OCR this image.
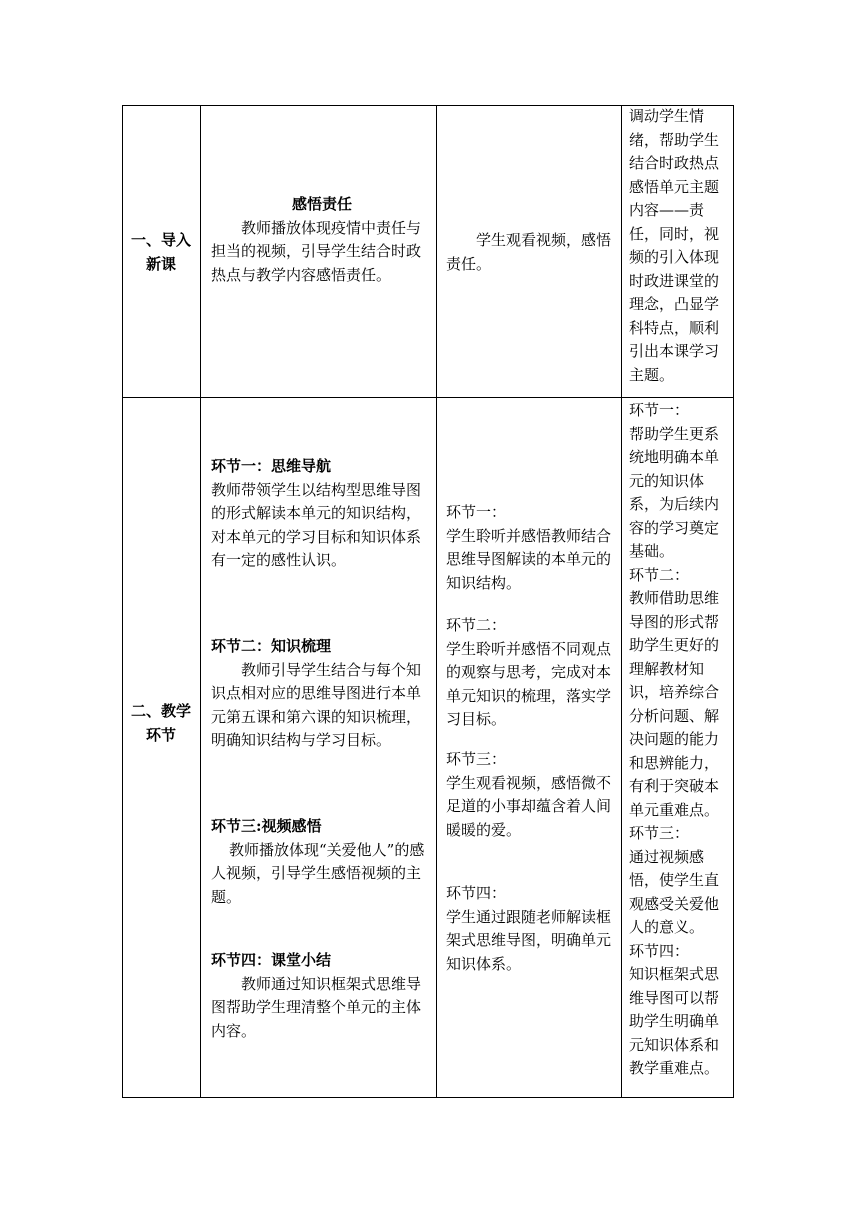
一、导入
新课
感悟责任

教师播放体现疫情中责任与担当的视频，引导学生结合时政热点与教学内容感悟责任。

学生观看视频，感悟责任。

调动学生情绪，帮助学生结合时政热点感悟单元主题内容——责任，同时，视频的引入体现时政进课堂的理念，凸显学科特点，顺利引出本课学习主题。

二、教学
环节
环节一：思维导航

教师带领学生以结构型思维导图的形式解读本单元的知识结构，对本单元的学习目标和知识体系有一定的感性认识。

环节二：知识梳理

教师引导学生结合与每个知识点相对应的思维导图进行本单元第五课和第六课的知识梳理，明确知识结构与学习目标。

环节三:视频感悟

教师播放体现“关爱他人”的感人视频，引导学生感悟视频的主题。

环节四：课堂小结

教师通过知识框架式思维导图帮助学生理清整个单元的主体内容。

环节一：

学生聆听并感悟教师结合思维导图解读的本单元的知识结构。

环节二：

学生聆听并感悟不同观点的观察与思考，完成对本单元知识的梳理，落实学习目标。

环节三：

学生观看视频，感悟微不足道的小事却蕴含着人间暖暖的爱。

环节四：

学生通过跟随老师解读框架式思维导图，明确单元知识体系。

环节一：

帮助学生更系统地明确本单元的知识体系，为后续内容的学习奠定基础。

环节二：

教师借助思维导图的形式帮助学生更好的理解教材知识，培养综合分析问题、解决问题的能力和思辨能力，有利于突破本单元重难点。

环节三：

通过视频感悟，使学生直观感受关爱他人的意义。

环节四：

知识框架式思维导图可以帮助学生明确单元知识体系和教学重难点。
